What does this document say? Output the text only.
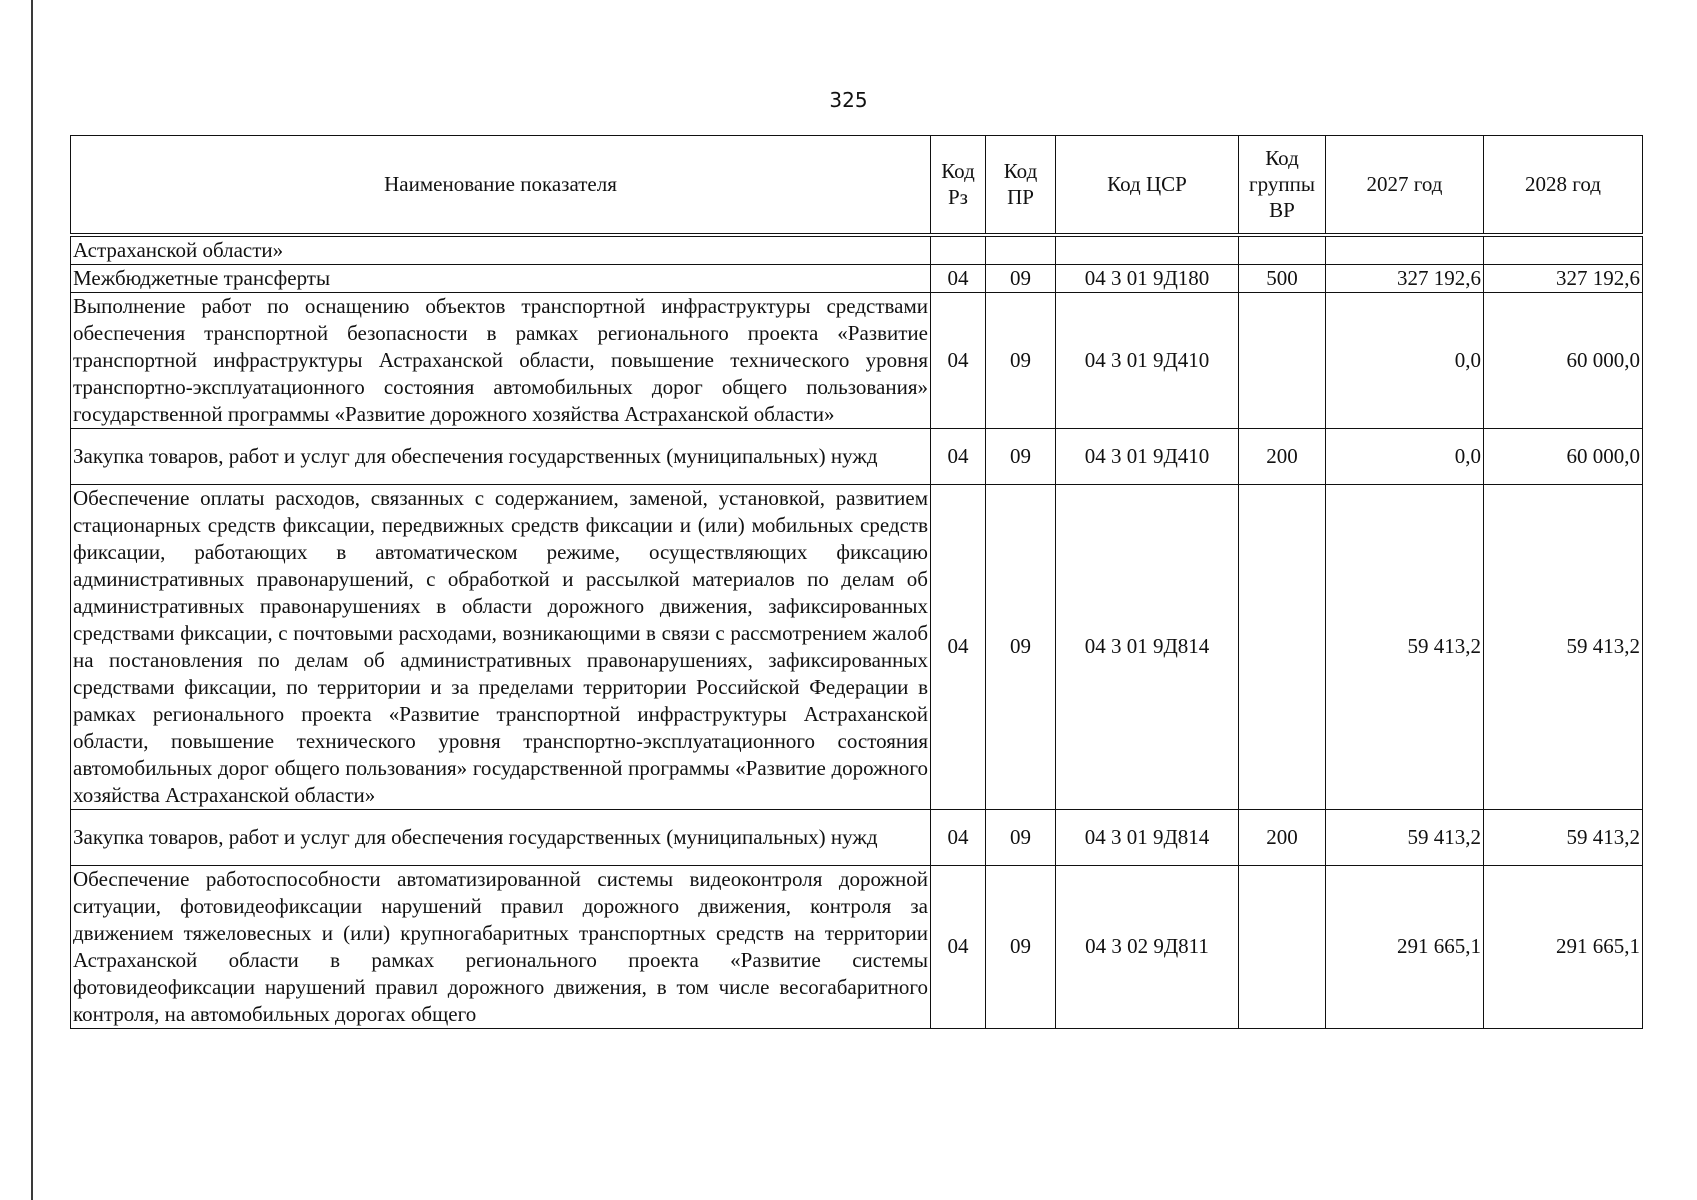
325
Наименование показателя	Код Рз	Код ПР	Код ЦСР	Код группы ВР	2027 год	2028 год
Астраханской области»						
Межбюджетные трансферты	04	09	04 3 01 9Д180	500	327 192,6	327 192,6
Выполнение работ по оснащению объектов транспортной инфраструктуры средствами обеспечения транспортной безопасности в рамках регионального проекта «Развитие транспортной инфраструктуры Астраханской области, повышение технического уровня транспортно-эксплуатационного состояния автомобильных дорог общего пользования» государственной программы «Развитие дорожного хозяйства Астраханской области»	04	09	04 3 01 9Д410		0,0	60 000,0
Закупка товаров, работ и услуг для обеспечения государственных (муниципальных) нужд	04	09	04 3 01 9Д410	200	0,0	60 000,0
Обеспечение оплаты расходов, связанных с содержанием, заменой, установкой, развитием стационарных средств фиксации, передвижных средств фиксации и (или) мобильных средств фиксации, работающих в автоматическом режиме, осуществляющих фиксацию административных правонарушений, с обработкой и рассылкой материалов по делам об административных правонарушениях в области дорожного движения, зафиксированных средствами фиксации, с почтовыми расходами, возникающими в связи с рассмотрением жалоб на постановления по делам об административных правонарушениях, зафиксированных средствами фиксации, по территории и за пределами территории Российской Федерации в рамках регионального проекта «Развитие транспортной инфраструктуры Астраханской области, повышение технического уровня транспортно-эксплуатационного состояния автомобильных дорог общего пользования» государственной программы «Развитие дорожного хозяйства Астраханской области»	04	09	04 3 01 9Д814		59 413,2	59 413,2
Закупка товаров, работ и услуг для обеспечения государственных (муниципальных) нужд	04	09	04 3 01 9Д814	200	59 413,2	59 413,2
Обеспечение работоспособности автоматизированной системы видеоконтроля дорожной ситуации, фотовидеофиксации нарушений правил дорожного движения, контроля за движением тяжеловесных и (или) крупногабаритных транспортных средств на территории Астраханской области в рамках регионального проекта «Развитие системы фотовидеофиксации нарушений правил дорожного движения, в том числе весогабаритного контроля, на автомобильных дорогах общего	04	09	04 3 02 9Д811		291 665,1	291 665,1
